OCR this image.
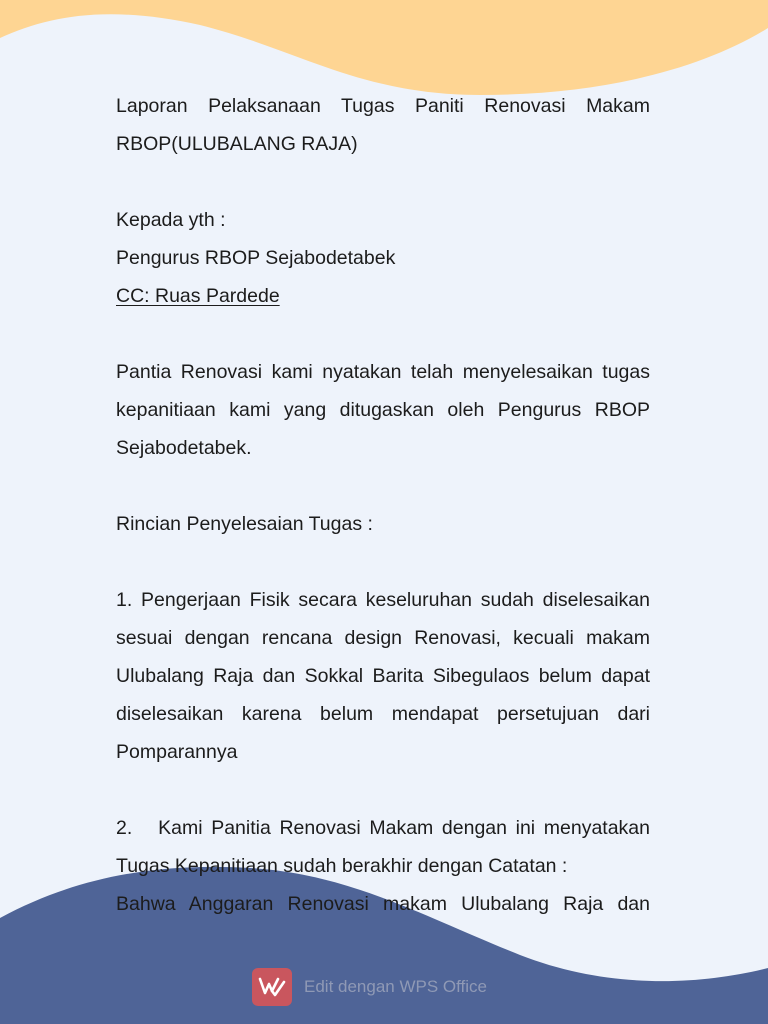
Laporan Pelaksanaan Tugas Paniti Renovasi Makam RBOP(ULUBALANG RAJA)

Kepada yth :

Pengurus RBOP Sejabodetabek

CC: Ruas Pardede

Pantia Renovasi kami nyatakan telah menyelesaikan tugas kepanitiaan kami yang ditugaskan oleh Pengurus RBOP Sejabodetabek.

Rincian Penyelesaian Tugas :

1. Pengerjaan Fisik secara keseluruhan sudah diselesaikan sesuai dengan rencana design Renovasi, kecuali makam Ulubalang Raja dan Sokkal Barita Sibegulaos belum dapat diselesaikan karena belum mendapat persetujuan dari Pomparannya

2.   Kami Panitia Renovasi Makam dengan ini menyatakan Tugas Kepanitiaan sudah berakhir dengan Catatan :

Bahwa Anggaran Renovasi makam Ulubalang Raja dan

Edit dengan WPS Office
